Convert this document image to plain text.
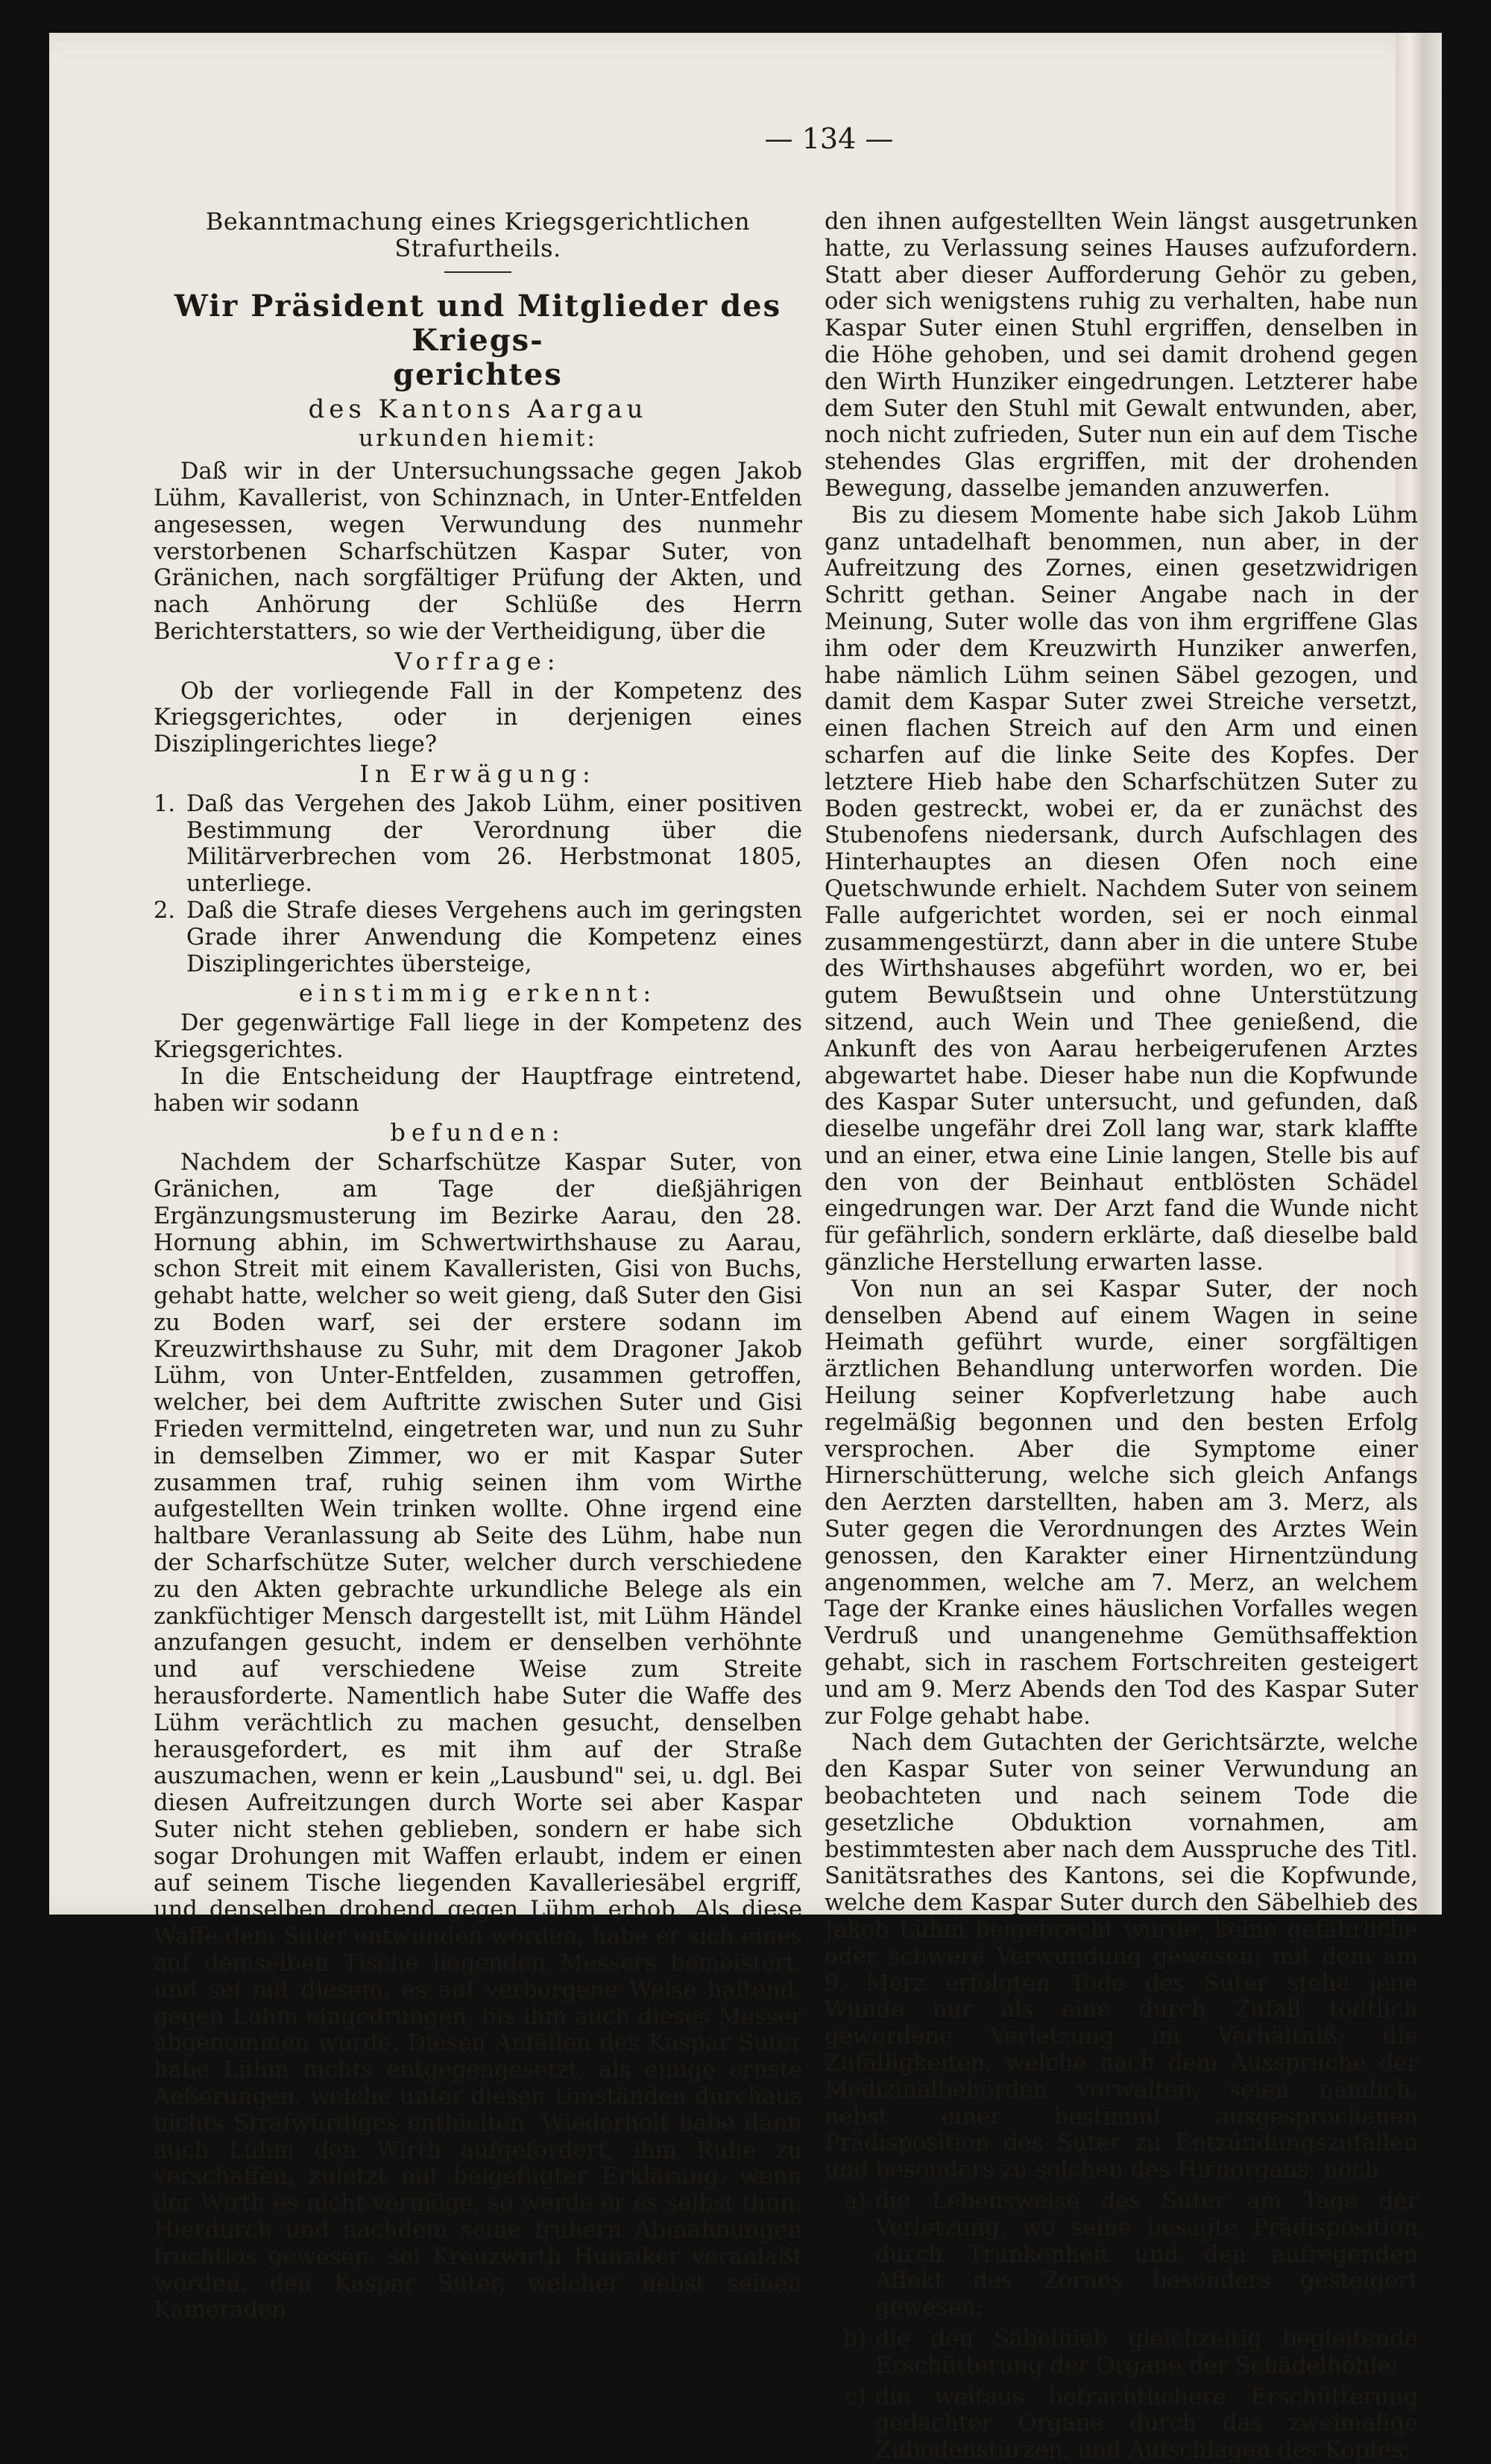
— 134 —
Bekanntmachung eines Kriegsgerichtlichen Strafurtheils.
Wir Präsident und Mitglieder des Kriegs-
gerichtes
des Kantons Aargau
urkunden hiemit:

Daß wir in der Untersuchungssache gegen Jakob Lühm, Kavallerist, von Schinznach, in Unter-Entfelden angesessen, wegen Verwundung des nunmehr verstorbenen Scharfschützen Kaspar Suter, von Gränichen, nach sorgfältiger Prüfung der Akten, und nach Anhörung der Schlüße des Herrn Berichterstatters, so wie der Vertheidigung, über die

Vorfrage:

Ob der vorliegende Fall in der Kompetenz des Kriegsgerichtes, oder in derjenigen eines Disziplingerichtes liege?

In Erwägung:
1. Daß das Vergehen des Jakob Lühm, einer positiven Bestimmung der Verordnung über die Militärverbrechen vom 26. Herbstmonat 1805, unterliege.
2. Daß die Strafe dieses Vergehens auch im geringsten Grade ihrer Anwendung die Kompetenz eines Disziplingerichtes übersteige,
einstimmig erkennt:

Der gegenwärtige Fall liege in der Kompetenz des Kriegsgerichtes.

In die Entscheidung der Hauptfrage eintretend, haben wir sodann

befunden:

Nachdem der Scharfschütze Kaspar Suter, von Gränichen, am Tage der dießjährigen Ergänzungsmusterung im Bezirke Aarau, den 28. Hornung abhin, im Schwertwirthshause zu Aarau, schon Streit mit einem Kavalleristen, Gisi von Buchs, gehabt hatte, welcher so weit gieng, daß Suter den Gisi zu Boden warf, sei der erstere sodann im Kreuzwirthshause zu Suhr, mit dem Dragoner Jakob Lühm, von Unter-Entfelden, zusammen getroffen, welcher, bei dem Auftritte zwischen Suter und Gisi Frieden vermittelnd, eingetreten war, und nun zu Suhr in demselben Zimmer, wo er mit Kaspar Suter zusammen traf, ruhig seinen ihm vom Wirthe aufgestellten Wein trinken wollte. Ohne irgend eine haltbare Veranlassung ab Seite des Lühm, habe nun der Scharfschütze Suter, welcher durch verschiedene zu den Akten gebrachte urkundliche Belege als ein zankfüchtiger Mensch dargestellt ist, mit Lühm Händel anzufangen gesucht, indem er denselben verhöhnte und auf verschiedene Weise zum Streite herausforderte. Namentlich habe Suter die Waffe des Lühm verächtlich zu machen gesucht, denselben herausgefordert, es mit ihm auf der Straße auszumachen, wenn er kein „Lausbund" sei, u. dgl. Bei diesen Aufreitzungen durch Worte sei aber Kaspar Suter nicht stehen geblieben, sondern er habe sich sogar Drohungen mit Waffen erlaubt, indem er einen auf seinem Tische liegenden Kavalleriesäbel ergriff, und denselben drohend gegen Lühm erhob. Als diese Waffe dem Suter entwunden worden, habe er sich eines auf demselben Tische liegenden Messers bemeistert, und sei mit diesem, es auf verborgene Weise haltend, gegen Lühm eingedrungen, bis ihm auch dieses Messer abgenommen wurde. Diesen Anfällen des Kaspar Suter habe Lühm nichts entgegengesetzt, als einige ernste Aeßerungen, welche unter diesen Umständen durchaus nichts Strafwürdiges enthielten. Wiederholt habe dann auch Lühm den Wirth aufgefordert, ihm Ruhe zu verschaffen, zuletzt mit beigefügter Erklärung, wenn der Wirth es nicht vermöge, so werde er es selbst thun. Hierdurch und nachdem seine frühern Abmahnungen fruchtlos gewesen, sei Kreuzwirth Hunziker veranlaßt worden, den Kaspar Suter, welcher nebst seinen Kameraden

den ihnen aufgestellten Wein längst ausgetrunken hatte, zu Verlassung seines Hauses aufzufordern. Statt aber dieser Aufforderung Gehör zu geben, oder sich wenigstens ruhig zu verhalten, habe nun Kaspar Suter einen Stuhl ergriffen, denselben in die Höhe gehoben, und sei damit drohend gegen den Wirth Hunziker eingedrungen. Letzterer habe dem Suter den Stuhl mit Gewalt entwunden, aber, noch nicht zufrieden, Suter nun ein auf dem Tische stehendes Glas ergriffen, mit der drohenden Bewegung, dasselbe jemanden anzuwerfen.

Bis zu diesem Momente habe sich Jakob Lühm ganz untadelhaft benommen, nun aber, in der Aufreitzung des Zornes, einen gesetzwidrigen Schritt gethan. Seiner Angabe nach in der Meinung, Suter wolle das von ihm ergriffene Glas ihm oder dem Kreuzwirth Hunziker anwerfen, habe nämlich Lühm seinen Säbel gezogen, und damit dem Kaspar Suter zwei Streiche versetzt, einen flachen Streich auf den Arm und einen scharfen auf die linke Seite des Kopfes. Der letztere Hieb habe den Scharfschützen Suter zu Boden gestreckt, wobei er, da er zunächst des Stubenofens niedersank, durch Aufschlagen des Hinterhauptes an diesen Ofen noch eine Quetschwunde erhielt. Nachdem Suter von seinem Falle aufgerichtet worden, sei er noch einmal zusammengestürzt, dann aber in die untere Stube des Wirthshauses abgeführt worden, wo er, bei gutem Bewußtsein und ohne Unterstützung sitzend, auch Wein und Thee genießend, die Ankunft des von Aarau herbeigerufenen Arztes abgewartet habe. Dieser habe nun die Kopfwunde des Kaspar Suter untersucht, und gefunden, daß dieselbe ungefähr drei Zoll lang war, stark klaffte und an einer, etwa eine Linie langen, Stelle bis auf den von der Beinhaut entblösten Schädel eingedrungen war. Der Arzt fand die Wunde nicht für gefährlich, sondern erklärte, daß dieselbe bald gänzliche Herstellung erwarten lasse.

Von nun an sei Kaspar Suter, der noch denselben Abend auf einem Wagen in seine Heimath geführt wurde, einer sorgfältigen ärztlichen Behandlung unterworfen worden. Die Heilung seiner Kopfverletzung habe auch regelmäßig begonnen und den besten Erfolg versprochen. Aber die Symptome einer Hirnerschütterung, welche sich gleich Anfangs den Aerzten darstellten, haben am 3. Merz, als Suter gegen die Verordnungen des Arztes Wein genossen, den Karakter einer Hirnentzündung angenommen, welche am 7. Merz, an welchem Tage der Kranke eines häuslichen Vorfalles wegen Verdruß und unangenehme Gemüthsaffektion gehabt, sich in raschem Fortschreiten gesteigert und am 9. Merz Abends den Tod des Kaspar Suter zur Folge gehabt habe.

Nach dem Gutachten der Gerichtsärzte, welche den Kaspar Suter von seiner Verwundung an beobachteten und nach seinem Tode die gesetzliche Obduktion vornahmen, am bestimmtesten aber nach dem Ausspruche des Titl. Sanitätsrathes des Kantons, sei die Kopfwunde, welche dem Kaspar Suter durch den Säbelhieb des Jakob Lühm beigebracht wurde, keine gefährliche oder schwere Verwundung gewesen; mit dem am 9. Merz erfolgten Tode des Suter stehe jene Wunde nur als eine durch Zufall tödtlich gewordene Verletzung im Verhältniß; die Zufälligkeiten, welche nach dem Ausspruche der Medizinalbehörden vorwalten, seien nämlich, nebst einer bestimmt ausgesprochenen Prädisposition des Suter zu Entzündungszufällen und besonders zu solchen des Hirnorgans, noch

a) die Lebensweise des Suter am Tage der Verletzung, wo seine besagte Prädisposition durch Trunkenheit und den aufregenden Affekt des Zornes besonders gesteigert gewesen;
b) die den Säbelhieb gleichzeitig begleitende Erschütterung der Organe der Schädelhöhle;
c) die weitaus beträchtlichere Erschütterung gedachter Organe durch das zweimalige Zubodenstürzen, und Aufschlagen des Kopfes;
